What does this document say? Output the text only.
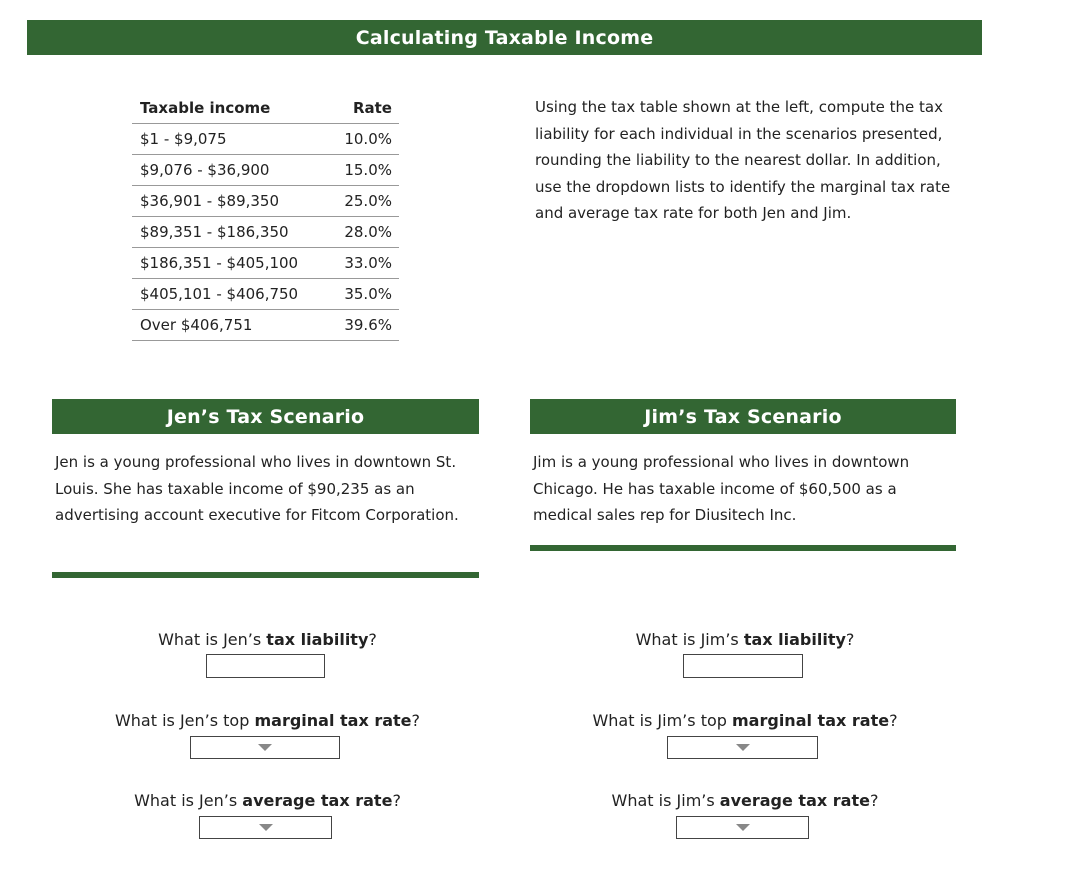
Calculating Taxable Income
Taxable income	Rate
$1 - $9,075	10.0%
$9,076 - $36,900	15.0%
$36,901 - $89,350	25.0%
$89,351 - $186,350	28.0%
$186,351 - $405,100	33.0%
$405,101 - $406,750	35.0%
Over $406,751	39.6%
Using the tax table shown at the left, compute the tax liability for each individual in the scenarios presented, rounding the liability to the nearest dollar. In addition, use the dropdown lists to identify the marginal tax rate and average tax rate for both Jen and Jim.
Jen’s Tax Scenario
Jen is a young professional who lives in downtown St. Louis. She has taxable income of $90,235 as an advertising account executive for Fitcom Corporation.
What is Jen’s tax liability?
What is Jen’s top marginal tax rate?
What is Jen’s average tax rate?
Jim’s Tax Scenario
Jim is a young professional who lives in downtown Chicago. He has taxable income of $60,500 as a medical sales rep for Diusitech Inc.
What is Jim’s tax liability?
What is Jim’s top marginal tax rate?
What is Jim’s average tax rate?
